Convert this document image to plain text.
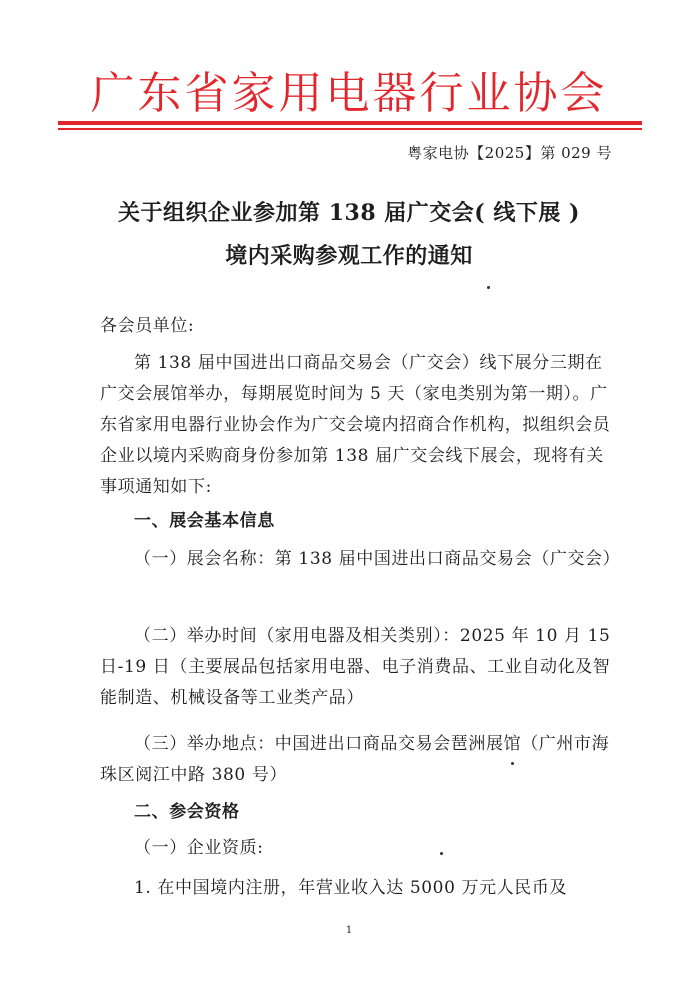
广东省家用电器行业协会
粤家电协【2025】第 029 号
关于组织企业参加第 138 届广交会( 线下展 )
境内采购参观工作的通知

各会员单位:

第 138 届中国进出口商品交易会（广交会）线下展分三期在广交会展馆举办，每期展览时间为 5 天（家电类别为第一期）。广东省家用电器行业协会作为广交会境内招商合作机构，拟组织会员企业以境内采购商身份参加第 138 届广交会线下展会，现将有关事项通知如下:

一、展会基本信息

（一）展会名称：第 138 届中国进出口商品交易会（广交会）

（二）举办时间（家用电器及相关类别）：2025 年 10 月 15 日-19 日（主要展品包括家用电器、电子消费品、工业自动化及智能制造、机械设备等工业类产品）

（三）举办地点：中国进出口商品交易会琶洲展馆（广州市海珠区阅江中路 380 号）

二、参会资格

（一）企业资质:

1. 在中国境内注册，年营业收入达 5000 万元人民币及

1
